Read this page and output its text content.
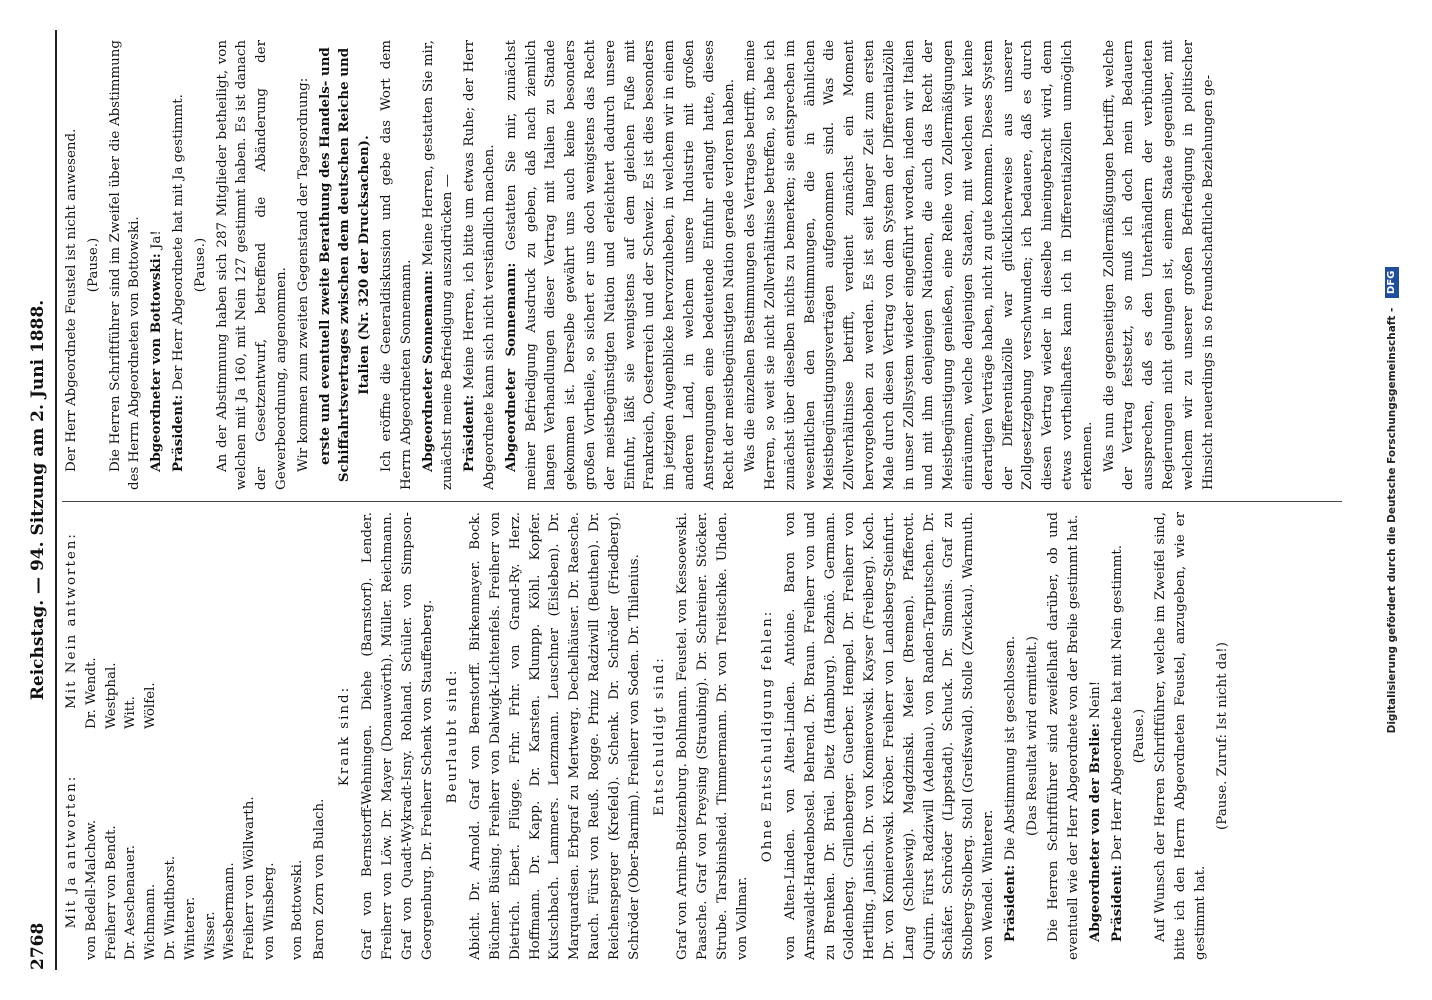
2768
Reichstag. — 94. Sitzung am 2. Juni 1888.

Mit Ja antworten: von Bedell-Malchow. Freiherr von Bendt. Dr. Aeschenauer. Wichmann. Dr. Windthorst. Winterer. Wisser. Wiesbermann. Freiherr von Wöllwarth. von Winsberg.

Mit Nein antworten: Dr. Wendt. Westphal. Witt. Wölfel.

von Bottowski. Baron Zorn von Bulach.

Krank sind: Graf von Bernstorff-Wehningen. Diehe (Barnstorf). Lender. Freiherr von Löw. Dr. Mayer (Donauwörth). Müller. Reichmann. Graf von Quadt-Wykradt-Isny. Rohland. Schüler. von Simpson-Georgenburg. Dr. Freiherr Schenk von Stauffenberg. Beurlaubt sind: Abicht. Dr. Arnold. Graf von Bernstorff. Birkenmayer. Bock. Büchner. Büsing. Freiherr von Dalwigk-Lichtenfels. Freiherr von Dietrich. Ebert. Flügge. Frhr. Frhr. von Grand-Ry. Herz. Hoffmann. Dr. Kapp. Dr. Karsten. Klumpp. Köhl. Kopfer. Kutschbach. Lammers. Lenzmann. Leuschner (Eisleben). Dr. Marquardsen. Erbgraf zu Mertwerg. Dechelhäuser. Dr. Raesche. Rauch. Fürst von Reuß. Rogge. Prinz Radziwill (Beuthen). Dr. Reichensperger (Krefeld). Schenk. Dr. Schröder (Friedberg). Schröder (Ober-Barnim). Freiherr von Soden. Dr. Thilenius. Entschuldigt sind: Graf von Arnim-Boitzenburg. Bohlmann. Feustel. von Kessoewski. Paasche. Graf von Preysing (Straubing). Dr. Schreiner. Stöcker. Strube. Tarsbinsheid. Timmermann. Dr. von Treitschke. Uhden. von Vollmar.

Ohne Entschuldigung fehlen: von Alten-Linden. von Alten-Linden. Antoine. Baron von Arnswaldt-Hardenbostel. Behrend. Dr. Braun. Freiherr von und zu Brenken. Dr. Brüel. Dietz (Hamburg). Dezhnö. Germann. Goldenberg. Grillenberger. Guerber. Hempel. Dr. Freiherr von Hertling. Janisch. Dr. von Komierowski. Kayser (Freiberg). Koch. Dr. von Komierowski. Kröber. Freiherr von Landsberg-Steinfurt. Lang (Schleswig). Magdzinski. Meier (Bremen). Pfafferott. Quirin. Fürst Radziwill (Adelnau). von Randen-Tarputschen. Dr. Schäfer. Schröder (Lippstadt). Schuck. Dr. Simonis. Graf zu Stolberg-Stolberg. Stoll (Greifswald). Stolle (Zwickau). Warmuth. von Wendel. Winterer. Präsident: Die Abstimmung ist geschlossen. (Das Resultat wird ermittelt.) Die Herren Schriftführer sind zweifelhaft darüber, ob und eventuell wie der Herr Abgeordnete von der Brelie gestimmt hat. Abgeordneter von der Brelie: Nein!

Präsident: Der Herr Abgeordnete hat mit Nein gestimmt. (Pause.) Auf Wunsch der Herren Schriftführer, welche im Zweifel sind, bitte ich den Herrn Abgeordneten Feustel, anzugeben, wie er gestimmt hat.

(Pause. Zuruf: Ist nicht da!)

Der Herr Abgeordnete Feustel ist nicht anwesend. (Pause.) Die Herren Schriftführer sind im Zweifel über die Abstimmung des Herrn Abgeordneten von Bottowski. Abgeordneter von Bottowski: Ja!

Präsident: Der Herr Abgeordnete hat mit Ja gestimmt. (Pause.) An der Abstimmung haben sich 287 Mitglieder betheiligt, von welchen mit Ja 160, mit Nein 127 gestimmt haben. Es ist danach der Gesetzentwurf, betreffend die Abänderung der Gewerbeordnung, angenommen. Wir kommen zum zweiten Gegenstand der Tagesordnung: erste und eventuell zweite Berathung des Handels- und Schiffahrtsvertrages zwischen dem deutschen Reiche und Italien (Nr. 320 der Drucksachen). Ich eröffne die Generaldiskussion und gebe das Wort dem Herrn Abgeordneten Sonnemann. Abgeordneter Sonnemann: Meine Herren, gestatten Sie mir, zunächst meine Befriedigung auszudrücken — Präsident: Meine Herren, ich bitte um etwas Ruhe; der Herr Abgeordnete kann sich nicht verständlich machen. Abgeordneter Sonnemann: Gestatten Sie mir, zunächst meiner Befriedigung Ausdruck zu geben, daß nach ziemlich langen Verhandlungen dieser Vertrag mit Italien zu Stande gekommen ist. Derselbe gewährt uns auch keine besonders großen Vortheile, so sichert er uns doch wenigstens das Recht der meistbegünstigten Nation und erleichtert dadurch unsere Einfuhr, läßt sie wenigstens auf dem gleichen Fuße mit Frankreich, Oesterreich und der Schweiz. Es ist dies besonders im jetzigen Augenblicke hervorzuheben, in welchem wir in einem anderen Land, in welchem unsere Industrie mit großen Anstrengungen eine bedeutende Einfuhr erlangt hatte, dieses Recht der meistbegünstigten Nation gerade verloren haben. Was die einzelnen Bestimmungen des Vertrages betrifft, meine Herren, so weit sie nicht Zollverhältnisse betreffen, so habe ich zunächst über dieselben nichts zu bemerken; sie entsprechen im wesentlichen den Bestimmungen, die in ähnlichen Meistbegünstigungsverträgen aufgenommen sind. Was die Zollverhältnisse betrifft, verdient zunächst ein Moment hervorgehoben zu werden. Es ist seit langer Zeit zum ersten Male durch diesen Vertrag von dem System der Differentialzölle in unser Zollsystem wieder eingeführt worden, indem wir Italien und mit ihm denjenigen Nationen, die auch das Recht der Meistbegünstigung genießen, eine Reihe von Zollermäßigungen einräumen, welche denjenigen Staaten, mit welchen wir keine derartigen Verträge haben, nicht zu gute kommen. Dieses System der Differentialzölle war glücklicherweise aus unserer Zollgesetzgebung verschwunden; ich bedauere, daß es durch diesen Vertrag wieder in dieselbe hineingebracht wird, denn etwas vortheilhaftes kann ich in Differentialzöllen unmöglich erkennen. Was nun die gegenseitigen Zollermäßigungen betrifft, welche der Vertrag festsetzt, so muß ich doch mein Bedauern aussprechen, daß es den Unterhändlern der verbündeten Regierungen nicht gelungen ist, einem Staate gegenüber, mit welchem wir zu unserer großen Befriedigung in politischer Hinsicht neuerdings in so freundschaftliche Beziehungen ge-

Digitalisierung gefördert durch die Deutsche Forschungsgemeinschaft - DFG
